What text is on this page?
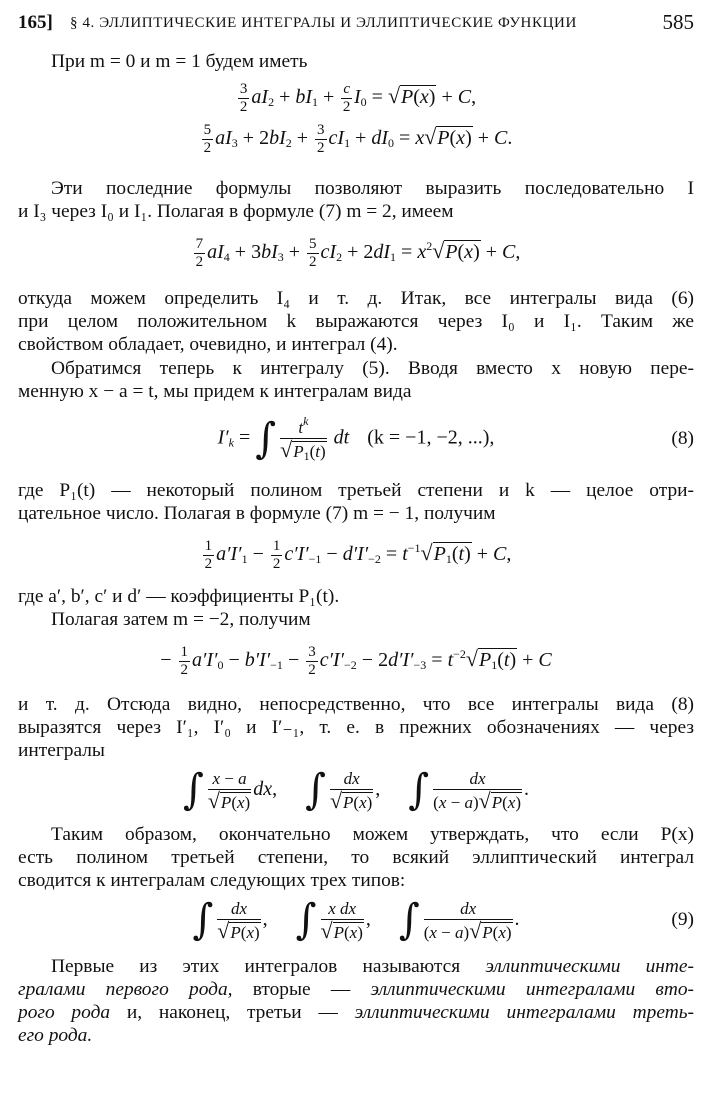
165] § 4. ЭЛЛИПТИЧЕСКИЕ ИНТЕГРАЛЫ И ЭЛЛИПТИЧЕСКИЕ ФУНКЦИИ	585

При m = 0 и m = 1 будем иметь

$\frac{3}{2} aI_2 + bI_1 + \frac{c}{2} I_0 = √P(x) + C$,
$\frac{5}{2} aI_3 + 2bI_2 + \frac{3}{2} cI_1 + dI_0 = x√P(x) + C$.

Эти последние формулы позволяют выразить последовательно I

и I₃ через I₀ и I₁. Полагая в формуле (7) m = 2, имеем

$\frac{7}{2} aI_4 + 3bI_3 + \frac{5}{2} cI_2 + 2dI_1 = x^2√P(x) + C$,

откуда можем определить I₄ и т. д. Итак, все интегралы вида (6)

при целом положительном k выражаются через I₀ и I₁. Таким же

свойством обладает, очевидно, и интеграл (4).

Обратимся теперь к интегралу (5). Вводя вместо x новую пере-

менную x − a = t, мы придем к интегралам вида

$I'_k$ = ∫ $\frac{t^k}{√P_1(t)}$ dt (k = −1, −2, ...),	(8)

где P₁(t) — некоторый полином третьей степени и k — целое отри-

цательное число. Полагая в формуле (7) m = − 1, получим

$\frac{1}{2} a'I'_1 - \frac{1}{2} c'I'_{-1} - d'I'_{-2} = t^{-1}√P_1(t) + C$,

где a′, b′, c′ и d′ — коэффициенты P₁(t).

Полагая затем m = −2, получим

− $\frac{1}{2} a'I'_0 - b'I'_{-1} - \frac{3}{2} c'I'_{-2} - 2d'I'_{-3} = t^{-2}√P_1(t) + C$

и т. д. Отсюда видно, непосредственно, что все интегралы вида (8)

выразятся через I′₁, I′₀ и I′₋₁, т. е. в прежних обозначениях — через

интегралы

∫ $\frac{x - a}{√P(x)}$ dx,  ∫ $\frac{dx}{√P(x)}$ ,  ∫ $\frac{dx}{(x - a)√P(x)}$ .

Таким образом, окончательно можем утверждать, что если P(x)

есть полином третьей степени, то всякий эллиптический интеграл

сводится к интегралам следующих трех типов:

∫ $\frac{dx}{√P(x)}$ ,  ∫ $\frac{\text{x dx}}{√P(x)}$ ,  ∫ $\frac{dx}{(x - a)√P(x)}$ .	(9)

Первые из этих интегралов называются эллиптическими инте-

гралами первого рода, вторые — эллиптическими интегралами вто-

рого рода и, наконец, третьи — эллиптическими интегралами треть-

его рода.
